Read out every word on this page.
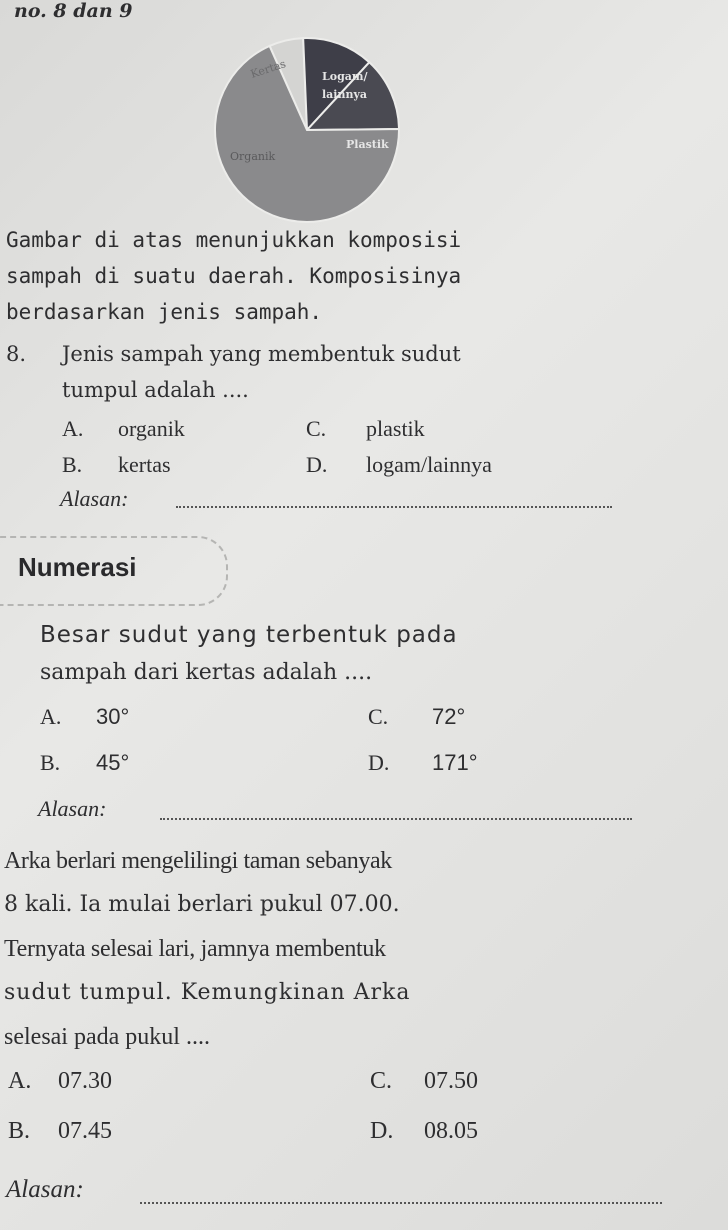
no. 8 dan 9
Kertas	Logam/
lainnya
Plastik
Organik
Gambar di atas menunjukkan komposisi
sampah di suatu daerah. Komposisinya
berdasarkan jenis sampah.
8. Jenis sampah yang membentuk sudut
tumpul adalah ....
A. organik	C. plastik
B. kertas	D. logam/lainnya
Alasan:
Numerasi
Besar sudut yang terbentuk pada
sampah dari kertas adalah ....
A. 30°	C. 72°
B. 45°	D. 171°
Alasan:
Arka berlari mengelilingi taman sebanyak
8 kali. Ia mulai berlari pukul 07.00.
Ternyata selesai lari, jamnya membentuk
sudut tumpul. Kemungkinan Arka
selesai pada pukul ....
A. 07.30	C. 07.50
B. 07.45	D. 08.05
Alasan:
